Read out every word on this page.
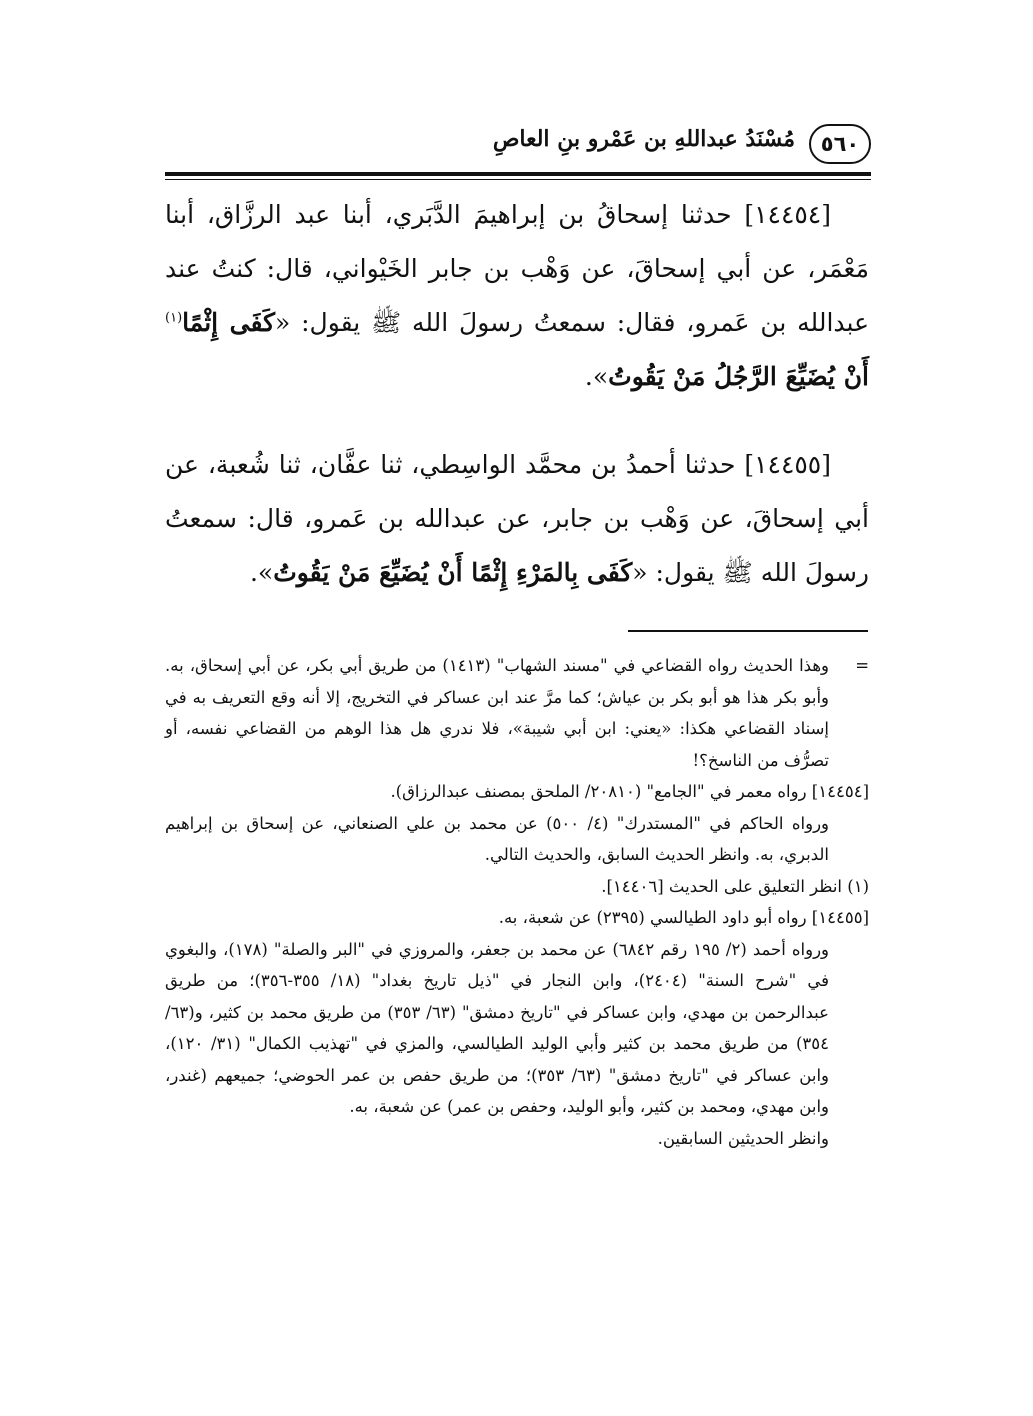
٥٦٠
مُسْنَدُ عبداللهِ بن عَمْرو بنِ العاصِ

[١٤٤٥٤] حدثنا إسحاقُ بن إبراهيمَ الدَّبَري، أبنا عبد الرزَّاق، أبنا مَعْمَر، عن أبي إسحاقَ، عن وَهْب بن جابر الخَيْواني، قال: كنتُ عند عبدالله بن عَمرو، فقال: سمعتُ رسولَ الله ﷺ يقول: «كَفَى إِثْمًا$^{(١)}$ أَنْ يُضَيِّعَ الرَّجُلُ مَنْ يَقُوتُ».

[١٤٤٥٥] حدثنا أحمدُ بن محمَّد الواسِطي، ثنا عفَّان، ثنا شُعبة، عن أبي إسحاقَ، عن وَهْب بن جابر، عن عبدالله بن عَمرو، قال: سمعتُ رسولَ الله ﷺ يقول: «كَفَى بِالمَرْءِ إِثْمًا أَنْ يُضَيِّعَ مَنْ يَقُوتُ».

=وهذا الحديث رواه القضاعي في "مسند الشهاب" (١٤١٣) من طريق أبي بكر، عن أبي إسحاق، به. وأبو بكر هذا هو أبو بكر بن عياش؛ كما مرَّ عند ابن عساكر في التخريج، إلا أنه وقع التعريف به في إسناد القضاعي هكذا: «يعني: ابن أبي شيبة»، فلا ندري هل هذا الوهم من القضاعي نفسه، أو تصرُّف من الناسخ؟!

[١٤٤٥٤] رواه معمر في "الجامع" (٢٠٨١٠/ الملحق بمصنف عبدالرزاق).

ورواه الحاكم في "المستدرك" (٤/ ٥٠٠) عن محمد بن علي الصنعاني، عن إسحاق بن إبراهيم الدبري، به. وانظر الحديث السابق، والحديث التالي.

(١) انظر التعليق على الحديث [١٤٤٠٦].

[١٤٤٥٥] رواه أبو داود الطيالسي (٢٣٩٥) عن شعبة، به.

ورواه أحمد (٢/ ١٩٥ رقم ٦٨٤٢) عن محمد بن جعفر، والمروزي في "البر والصلة" (١٧٨)، والبغوي في "شرح السنة" (٢٤٠٤)، وابن النجار في "ذيل تاريخ بغداد" (١٨/ ٣٥٥-٣٥٦)؛ من طريق عبدالرحمن بن مهدي، وابن عساكر في "تاريخ دمشق" (٦٣/ ٣٥٣) من طريق محمد بن كثير، و(٦٣/ ٣٥٤) من طريق محمد بن كثير وأبي الوليد الطيالسي، والمزي في "تهذيب الكمال" (٣١/ ١٢٠)، وابن عساكر في "تاريخ دمشق" (٦٣/ ٣٥٣)؛ من طريق حفص بن عمر الحوضي؛ جميعهم (غندر، وابن مهدي، ومحمد بن كثير، وأبو الوليد، وحفص بن عمر) عن شعبة، به.

وانظر الحديثين السابقين.
